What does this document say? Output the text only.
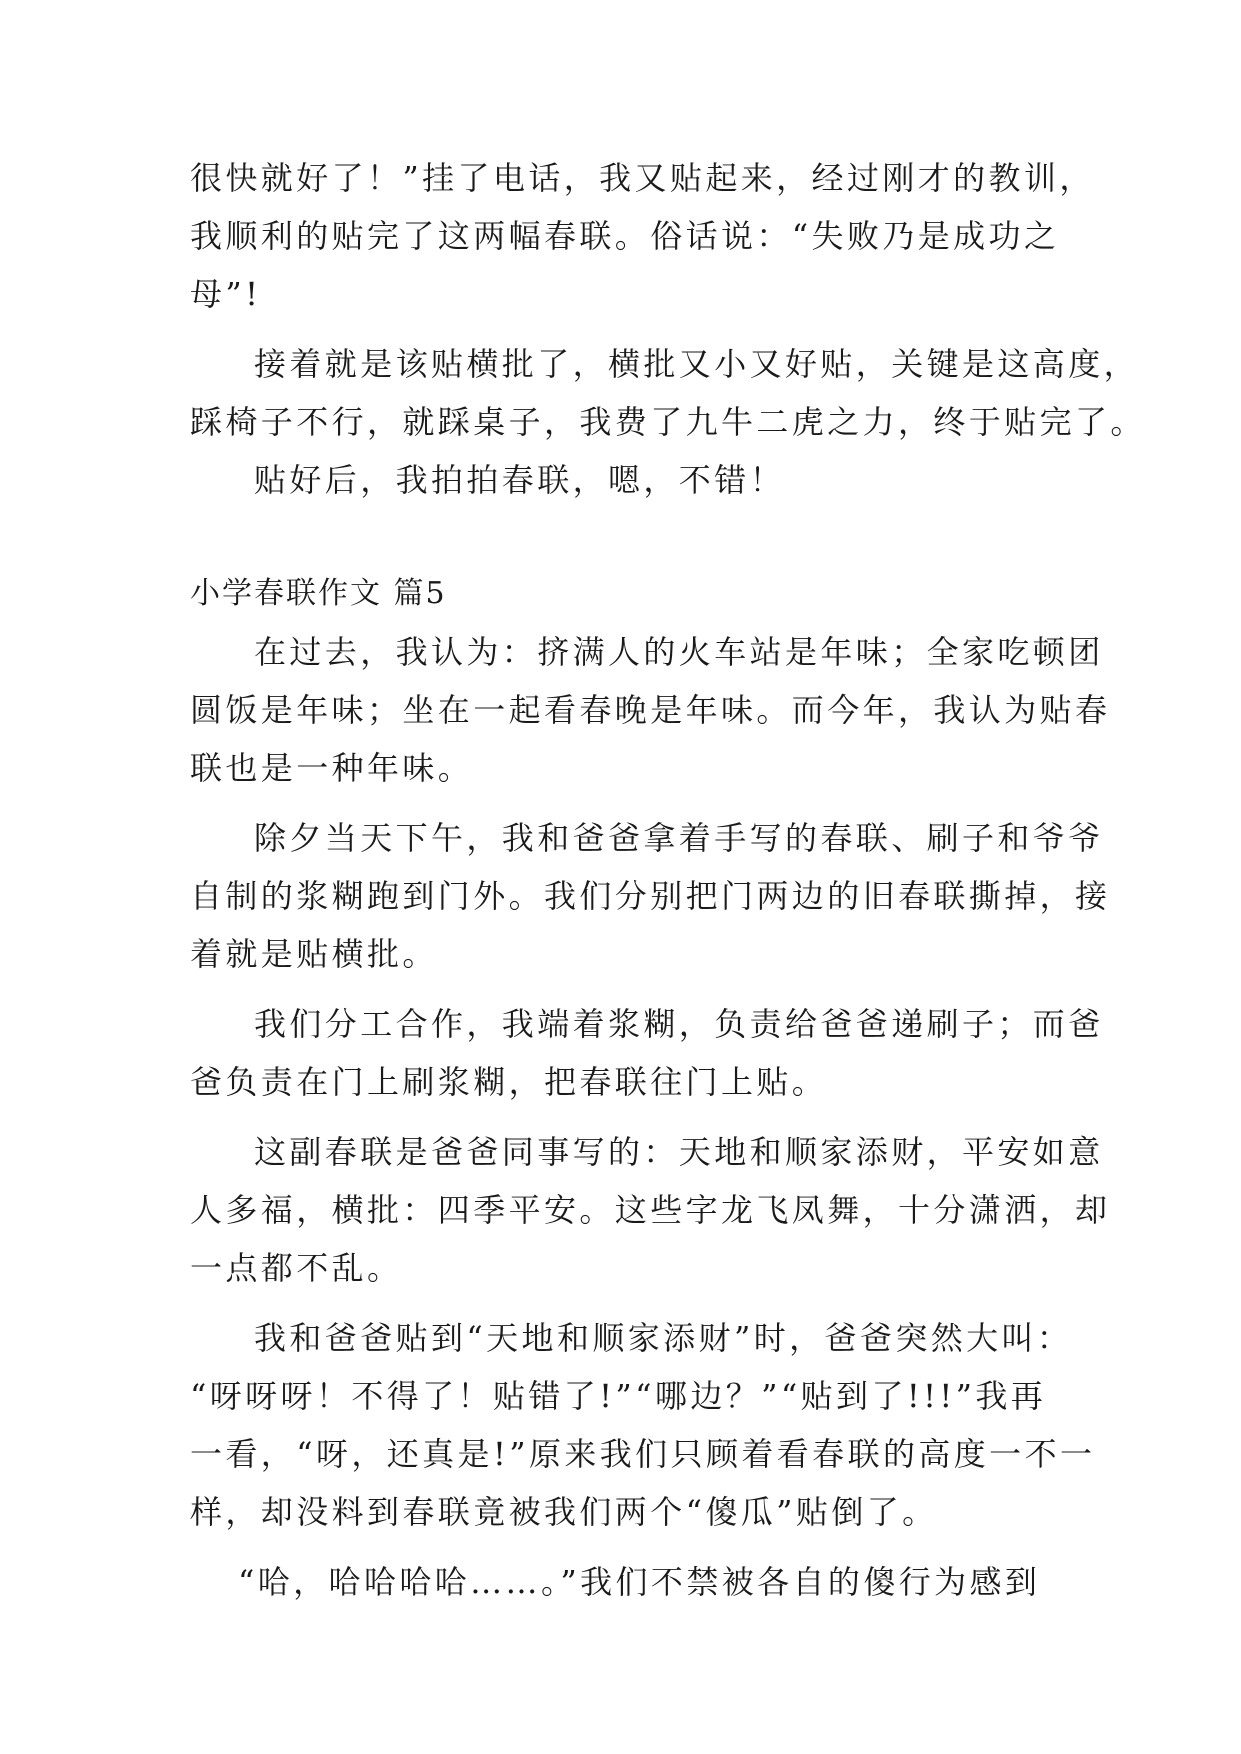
很快就好了！”挂了电话，我又贴起来，经过刚才的教训，
我顺利的贴完了这两幅春联。俗话说：“失败乃是成功之
母”!
接着就是该贴横批了，横批又小又好贴，关键是这高度，
踩椅子不行，就踩桌子，我费了九牛二虎之力，终于贴完了。
贴好后，我拍拍春联，嗯，不错！
小学春联作文 篇5
在过去，我认为：挤满人的火车站是年味；全家吃顿团
圆饭是年味；坐在一起看春晚是年味。而今年，我认为贴春
联也是一种年味。
除夕当天下午，我和爸爸拿着手写的春联、刷子和爷爷
自制的浆糊跑到门外。我们分别把门两边的旧春联撕掉，接
着就是贴横批。
我们分工合作，我端着浆糊，负责给爸爸递刷子；而爸
爸负责在门上刷浆糊，把春联往门上贴。
这副春联是爸爸同事写的：天地和顺家添财，平安如意
人多福，横批：四季平安。这些字龙飞凤舞，十分潇洒，却
一点都不乱。
我和爸爸贴到“天地和顺家添财”时，爸爸突然大叫：
“呀呀呀！不得了！贴错了!”“哪边？”“贴到了!!!”我再
一看，“呀，还真是!”原来我们只顾着看春联的高度一不一
样，却没料到春联竟被我们两个“傻瓜”贴倒了。
“哈，哈哈哈哈……。”我们不禁被各自的傻行为感到
